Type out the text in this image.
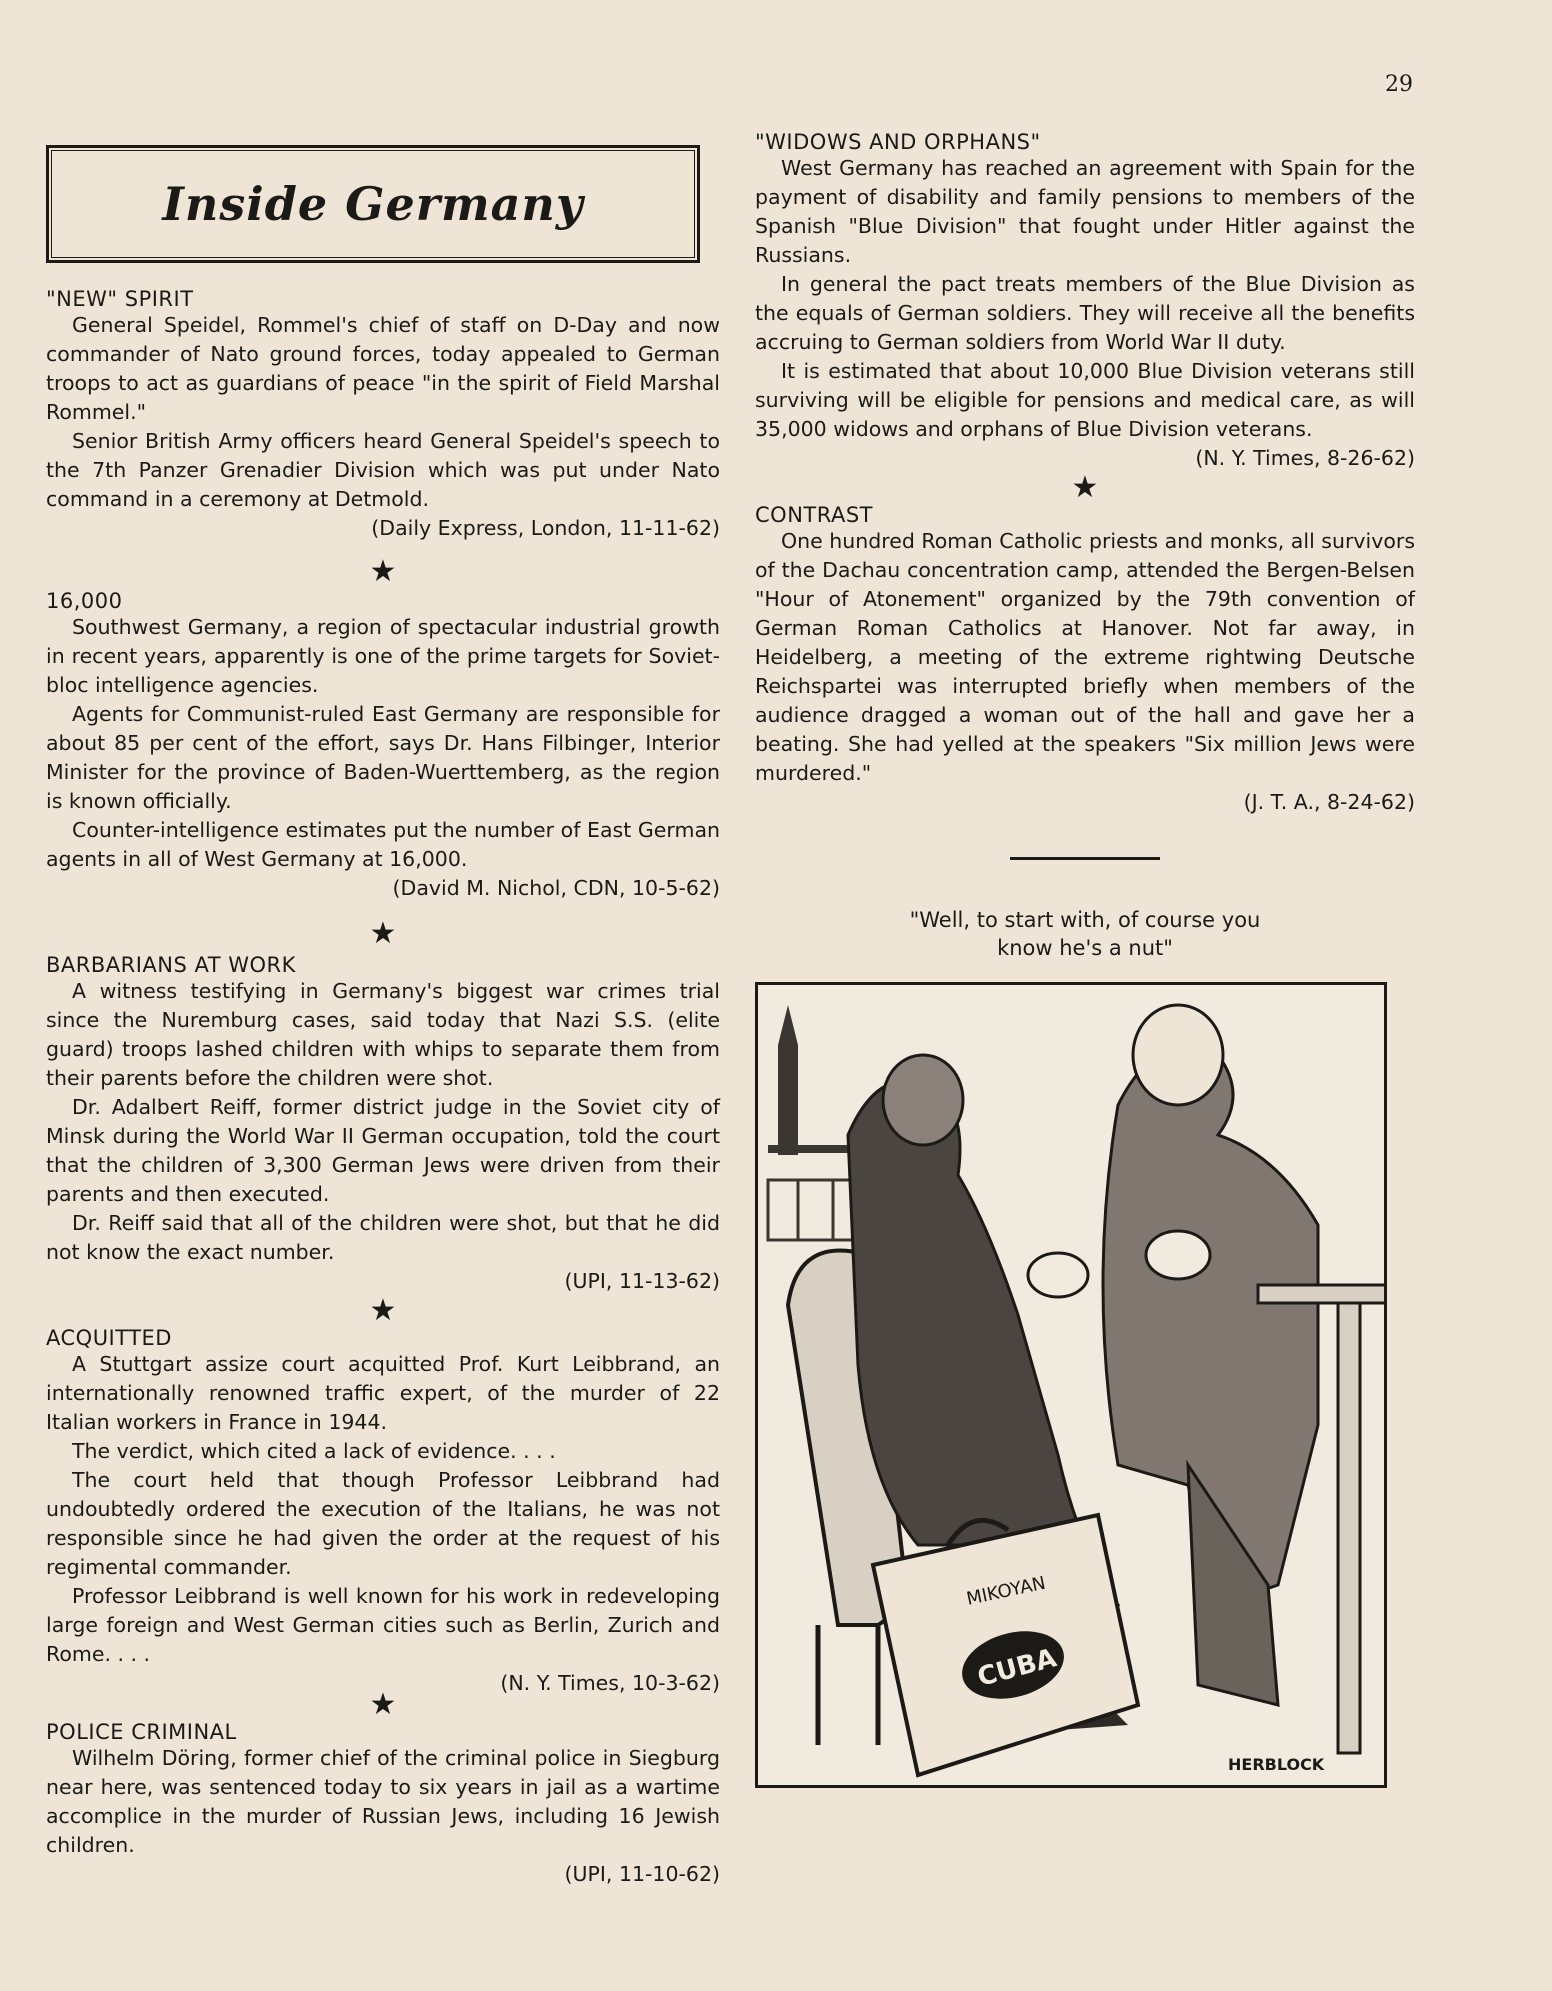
29
Inside Germany
"NEW" SPIRIT

General Speidel, Rommel's chief of staff on D-Day and now commander of Nato ground forces, today appealed to German troops to act as guardians of peace "in the spirit of Field Marshal Rommel."

Senior British Army officers heard General Speidel's speech to the 7th Panzer Grenadier Division which was put under Nato command in a ceremony at Detmold.

(Daily Express, London, 11-11-62)

★
16,000

Southwest Germany, a region of spectacular industrial growth in recent years, apparently is one of the prime targets for Soviet-bloc intelligence agencies.

Agents for Communist-ruled East Germany are responsible for about 85 per cent of the effort, says Dr. Hans Filbinger, Interior Minister for the province of Baden-Wuerttemberg, as the region is known officially.

Counter-intelligence estimates put the number of East German agents in all of West Germany at 16,000.

(David M. Nichol, CDN, 10-5-62)

★
BARBARIANS AT WORK

A witness testifying in Germany's biggest war crimes trial since the Nuremburg cases, said today that Nazi S.S. (elite guard) troops lashed children with whips to separate them from their parents before the children were shot.

Dr. Adalbert Reiff, former district judge in the Soviet city of Minsk during the World War II German occupation, told the court that the children of 3,300 German Jews were driven from their parents and then executed.

Dr. Reiff said that all of the children were shot, but that he did not know the exact number.

(UPI, 11-13-62)

★
ACQUITTED

A Stuttgart assize court acquitted Prof. Kurt Leibbrand, an internationally renowned traffic expert, of the murder of 22 Italian workers in France in 1944.

The verdict, which cited a lack of evidence. . . .

The court held that though Professor Leibbrand had undoubtedly ordered the execution of the Italians, he was not responsible since he had given the order at the request of his regimental commander.

Professor Leibbrand is well known for his work in redeveloping large foreign and West German cities such as Berlin, Zurich and Rome. . . .

(N. Y. Times, 10-3-62)

★
POLICE CRIMINAL

Wilhelm Döring, former chief of the criminal police in Siegburg near here, was sentenced today to six years in jail as a wartime accomplice in the murder of Russian Jews, including 16 Jewish children.

(UPI, 11-10-62)

"WIDOWS AND ORPHANS"

West Germany has reached an agreement with Spain for the payment of disability and family pensions to members of the Spanish "Blue Division" that fought under Hitler against the Russians.

In general the pact treats members of the Blue Division as the equals of German soldiers. They will receive all the benefits accruing to German soldiers from World War II duty.

It is estimated that about 10,000 Blue Division veterans still surviving will be eligible for pensions and medical care, as will 35,000 widows and orphans of Blue Division veterans.

(N. Y. Times, 8-26-62)

★
CONTRAST

One hundred Roman Catholic priests and monks, all survivors of the Dachau concentration camp, attended the Bergen-Belsen "Hour of Atonement" organized by the 79th convention of German Roman Catholics at Hanover. Not far away, in Heidelberg, a meeting of the extreme rightwing Deutsche Reichspartei was interrupted briefly when members of the audience dragged a woman out of the hall and gave her a beating. She had yelled at the speakers "Six million Jews were murdered."

(J. T. A., 8-24-62)

"Well, to start with, of course you
know he's a nut"
MIKOYAN
CUBA
HERBLOCK
